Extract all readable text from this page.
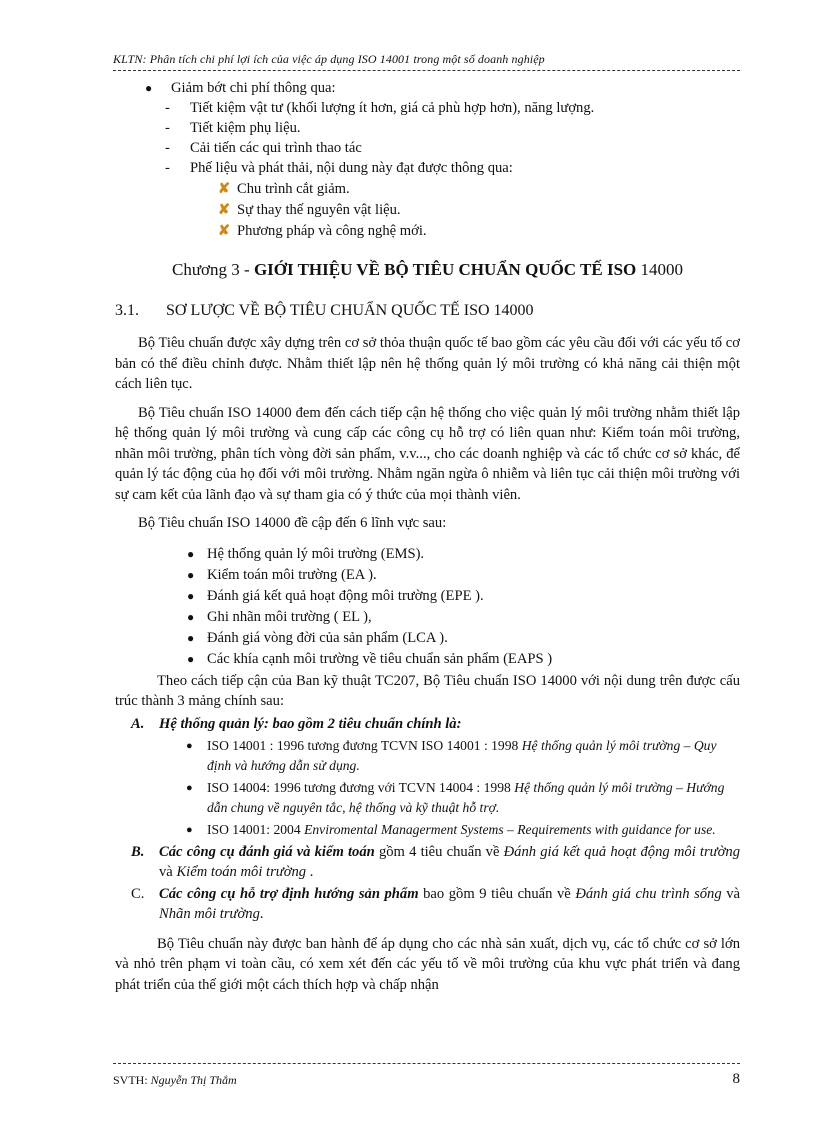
KLTN: Phân tích chi phí lợi ích của việc áp dụng ISO 14001 trong một số doanh nghiệp

● Giảm bớt chi phí thông qua:

- Tiết kiệm vật tư (khối lượng ít hơn, giá cả phù hợp hơn), năng lượng.

- Tiết kiệm phụ liệu.

- Cải tiến các qui trình thao tác

- Phế liệu và phát thải, nội dung này đạt được thông qua:

✘ Chu trình cắt giảm.

✘ Sự thay thế nguyên vật liệu.

✘ Phương pháp và công nghệ mới.

Chương 3 - GIỚI THIỆU VỀ BỘ TIÊU CHUẨN QUỐC TẾ ISO 14000

3.1. SƠ LƯỢC VỀ BỘ TIÊU CHUẨN QUỐC TẾ ISO 14000

Bộ Tiêu chuẩn được xây dựng trên cơ sở thỏa thuận quốc tế bao gồm các yêu cầu đối với các yếu tố cơ bản có thể điều chỉnh được. Nhằm thiết lập nên hệ thống quản lý môi trường có khả năng cải thiện một cách liên tục.

Bộ Tiêu chuẩn ISO 14000 đem đến cách tiếp cận hệ thống cho việc quản lý môi trường nhằm thiết lập hệ thống quản lý môi trường và cung cấp các công cụ hỗ trợ có liên quan như: Kiểm toán môi trường, nhãn môi trường, phân tích vòng đời sản phẩm, v.v..., cho các doanh nghiệp và các tổ chức cơ sở khác, để quản lý tác động của họ đối với môi trường. Nhằm ngăn ngừa ô nhiễm và liên tục cải thiện môi trường với sự cam kết của lãnh đạo và sự tham gia có ý thức của mọi thành viên.

Bộ Tiêu chuẩn ISO 14000 đề cập đến 6 lĩnh vực sau:

● Hệ thống quản lý môi trường (EMS).

● Kiểm toán môi trường (EA ).

● Đánh giá kết quả hoạt động môi trường (EPE ).

● Ghi nhãn môi trường ( EL ),

● Đánh giá vòng đời của sản phẩm (LCA ).

● Các khía cạnh môi trường về tiêu chuẩn sản phẩm (EAPS )

Theo cách tiếp cận của Ban kỹ thuật TC207, Bộ Tiêu chuẩn ISO 14000 với nội dung trên được cấu trúc thành 3 mảng chính sau:

A. Hệ thống quản lý: bao gồm 2 tiêu chuẩn chính là:
● ISO 14001 : 1996 tương đương TCVN ISO 14001 : 1998 Hệ thống quản lý môi trường – Quy định và hướng dẫn sử dụng.
● ISO 14004: 1996 tương đương với TCVN 14004 : 1998 Hệ thống quản lý môi trường – Hướng dẫn chung về nguyên tắc, hệ thống và kỹ thuật hỗ trợ.
● ISO 14001: 2004 Enviromental Managerment Systems – Requirements with guidance for use.
B. Các công cụ đánh giá và kiểm toán gồm 4 tiêu chuẩn về Đánh giá kết quả hoạt động môi trường và Kiểm toán môi trường .
C. Các công cụ hỗ trợ định hướng sản phẩm bao gồm 9 tiêu chuẩn về Đánh giá chu trình sống và Nhãn môi trường.

Bộ Tiêu chuẩn này được ban hành để áp dụng cho các nhà sản xuất, dịch vụ, các tổ chức cơ sở lớn và nhỏ trên phạm vi toàn cầu, có xem xét đến các yếu tố về môi trường của khu vực phát triển và đang phát triển của thế giới một cách thích hợp và chấp nhận

SVTH: Nguyễn Thị Thắm	8
